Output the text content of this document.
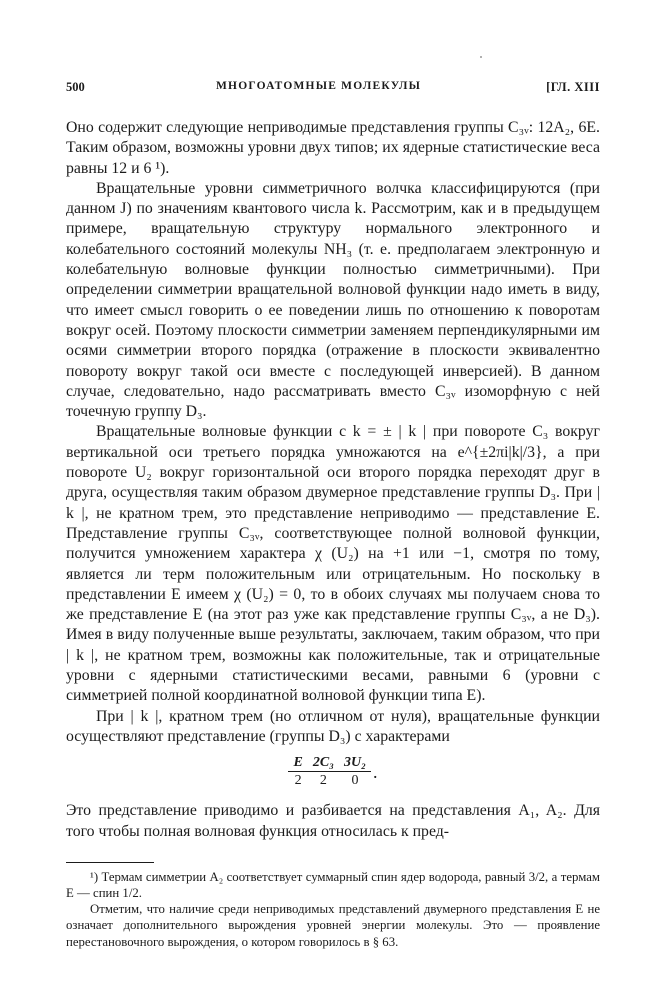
500	МНОГОАТОМНЫЕ МОЛЕКУЛЫ	[ГЛ. XIII

Оно содержит следующие неприводимые представления группы C₃ᵥ: 12A₂, 6E. Таким образом, возможны уровни двух типов; их ядерные статистические веса равны 12 и 6 ¹).

Вращательные уровни симметричного волчка классифицируются (при данном J) по значениям квантового числа k. Рассмотрим, как и в предыдущем примере, вращательную структуру нормального электронного и колебательного состояний молекулы NH₃ (т. е. предполагаем электронную и колебательную волновые функции полностью симметричными). При определении симметрии вращательной волновой функции надо иметь в виду, что имеет смысл говорить о ее поведении лишь по отношению к поворотам вокруг осей. Поэтому плоскости симметрии заменяем перпендикулярными им осями симметрии второго порядка (отражение в плоскости эквивалентно повороту вокруг такой оси вместе с последующей инверсией). В данном случае, следовательно, надо рассматривать вместо C₃ᵥ изоморфную с ней точечную группу D₃.

Вращательные волновые функции с k = ± | k | при повороте C₃ вокруг вертикальной оси третьего порядка умножаются на e^{±2πi|k|/3}, а при повороте U₂ вокруг горизонтальной оси второго порядка переходят друг в друга, осуществляя таким образом двумерное представление группы D₃. При | k |, не кратном трем, это представление неприводимо — представление E. Представление группы C₃ᵥ, соответствующее полной волновой функции, получится умножением характера χ (U₂) на +1 или −1, смотря по тому, является ли терм положительным или отрицательным. Но поскольку в представлении E имеем χ (U₂) = 0, то в обоих случаях мы получаем снова то же представление E (на этот раз уже как представление группы C₃ᵥ, а не D₃). Имея в виду полученные выше результаты, заключаем, таким образом, что при | k |, не кратном трем, возможны как положительные, так и отрицательные уровни с ядерными статистическими весами, равными 6 (уровни с симметрией полной координатной волновой функции типа E).

При | k |, кратном трем (но отличном от нуля), вращательные функции осуществляют представление (группы D₃) с характерами

E	2C₃	3U₂
2	2	0 .

Это представление приводимо и разбивается на представления A₁, A₂. Для того чтобы полная волновая функция относилась к пред-

¹) Термам симметрии A₂ соответствует суммарный спин ядер водорода, равный 3/2, а термам E — спин 1/2.

Отметим, что наличие среди неприводимых представлений двумерного представления E не означает дополнительного вырождения уровней энергии молекулы. Это — проявление перестановочного вырождения, о котором говорилось в § 63.
